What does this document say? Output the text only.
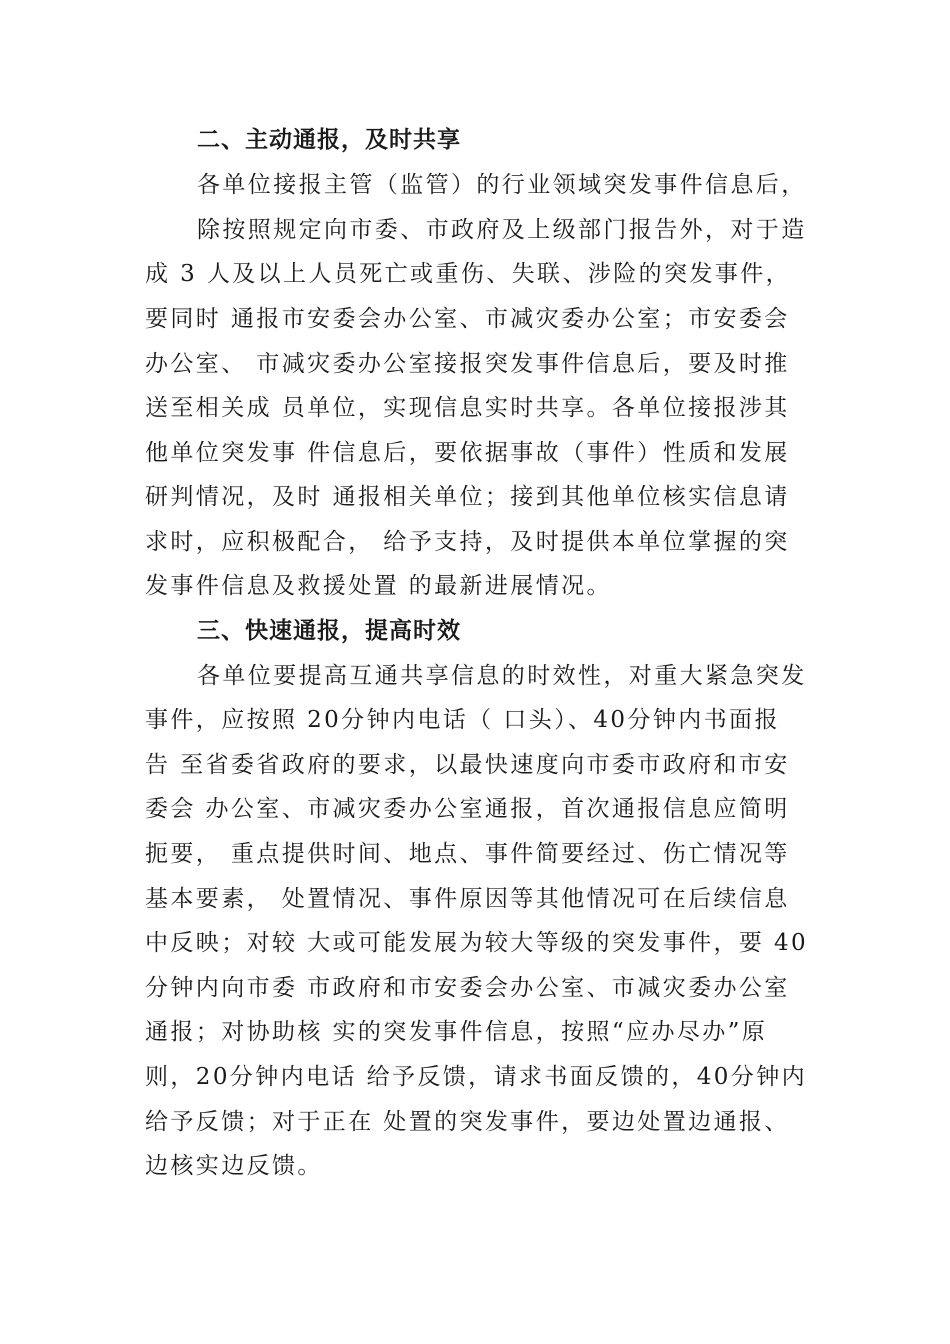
二、主动通报，及时共享
各单位接报主管（监管）的行业领域突发事件信息后，
除按照规定向市委、市政府及上级部门报告外，对于造
成 3 人及以上人员死亡或重伤、失联、涉险的突发事件，
要同时 通报市安委会办公室、市减灾委办公室；市安委会
办公室、 市减灾委办公室接报突发事件信息后，要及时推
送至相关成 员单位，实现信息实时共享。各单位接报涉其
他单位突发事 件信息后，要依据事故（事件）性质和发展
研判情况，及时 通报相关单位；接到其他单位核实信息请
求时，应积极配合， 给予支持，及时提供本单位掌握的突
发事件信息及救援处置 的最新进展情况。
三、快速通报，提高时效
各单位要提高互通共享信息的时效性，对重大紧急突发
事件，应按照 20分钟内电话（ 口头）、40分钟内书面报
告 至省委省政府的要求，以最快速度向市委市政府和市安
委会 办公室、市减灾委办公室通报，首次通报信息应简明
扼要， 重点提供时间、地点、事件简要经过、伤亡情况等
基本要素， 处置情况、事件原因等其他情况可在后续信息
中反映；对较 大或可能发展为较大等级的突发事件，要 40
分钟内向市委 市政府和市安委会办公室、市减灾委办公室
通报；对协助核 实的突发事件信息，按照“应办尽办”原
则，20分钟内电话 给予反馈，请求书面反馈的，40分钟内
给予反馈；对于正在 处置的突发事件，要边处置边通报、
边核实边反馈。
